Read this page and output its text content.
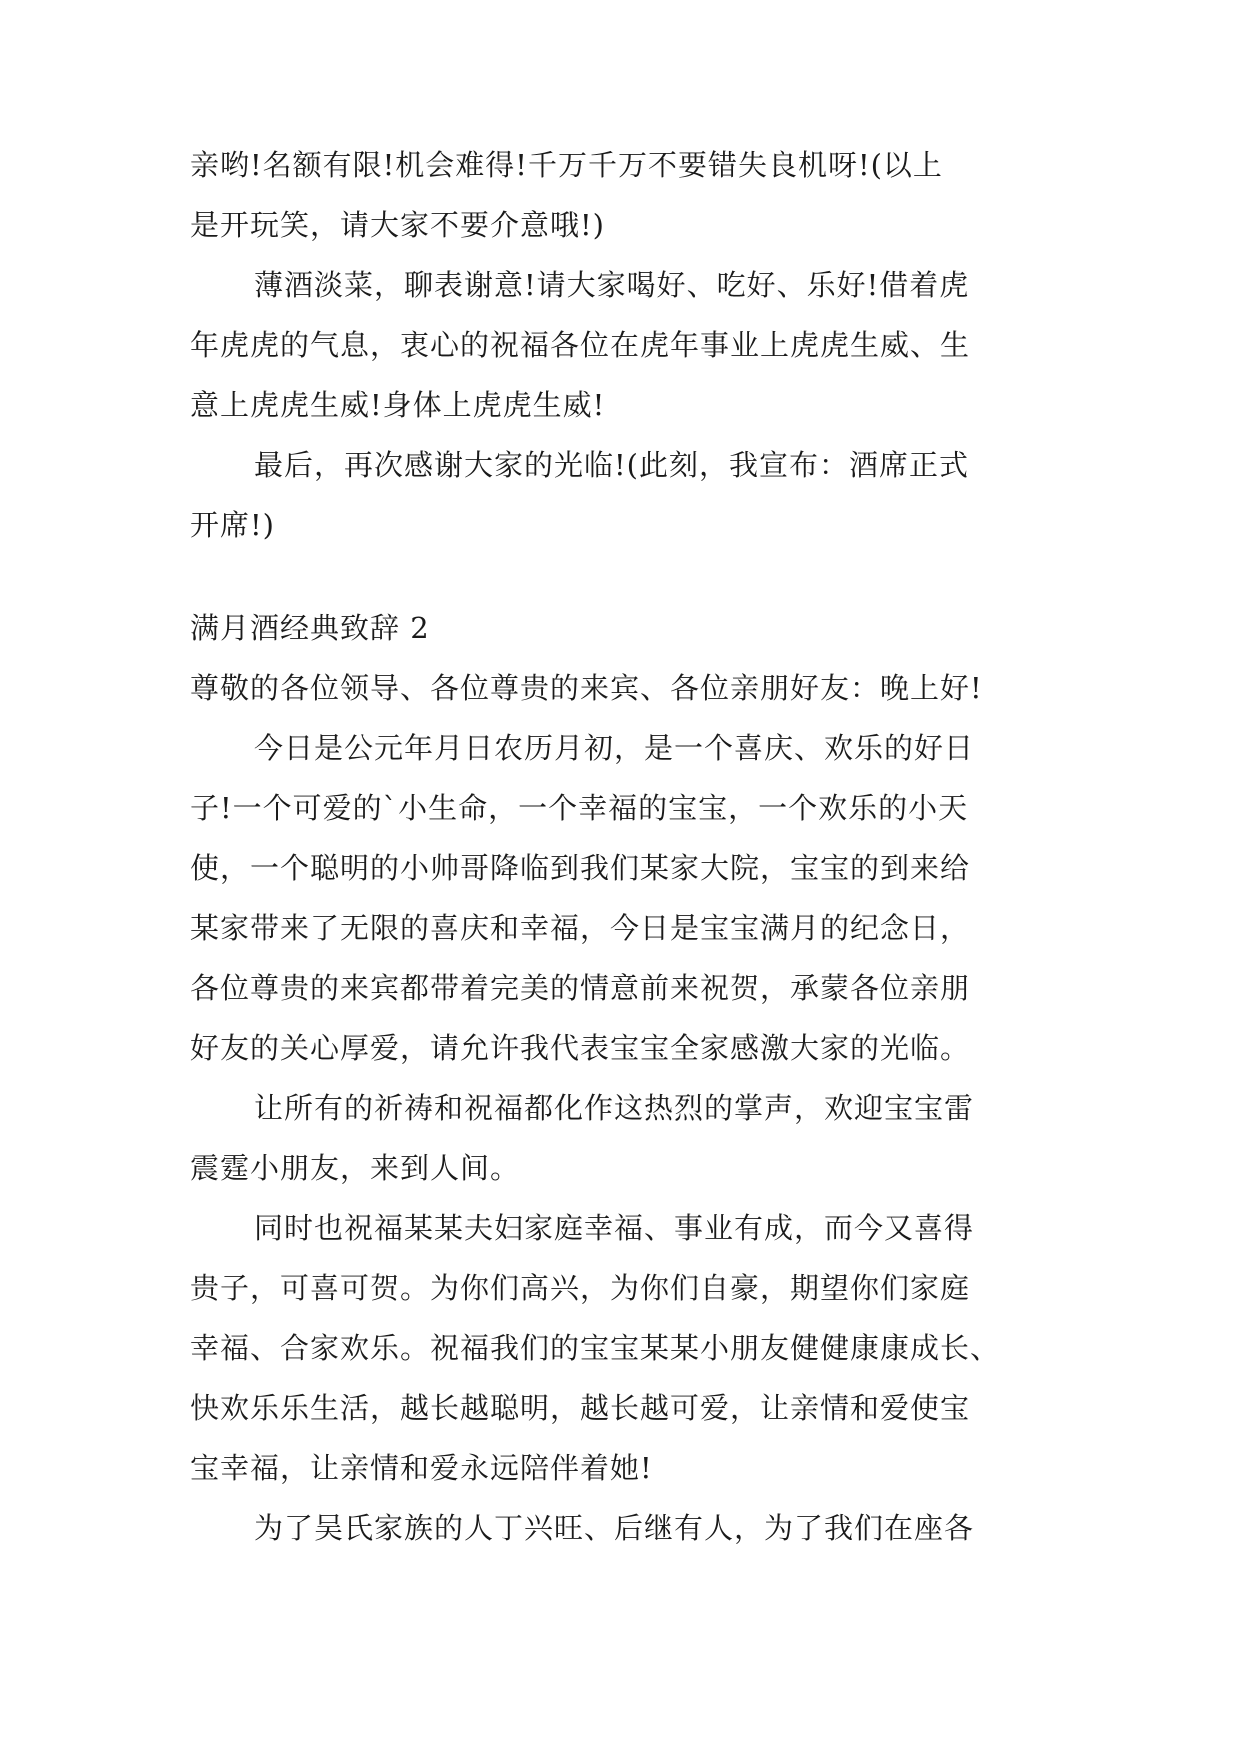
亲哟!名额有限!机会难得!千万千万不要错失良机呀!(以上
是开玩笑，请大家不要介意哦!)
薄酒淡菜，聊表谢意!请大家喝好、吃好、乐好!借着虎
年虎虎的气息，衷心的祝福各位在虎年事业上虎虎生威、生
意上虎虎生威!身体上虎虎生威!
最后，再次感谢大家的光临!(此刻，我宣布：酒席正式
开席!)
满月酒经典致辞 2
尊敬的各位领导、各位尊贵的来宾、各位亲朋好友：晚上好!
今日是公元年月日农历月初，是一个喜庆、欢乐的好日
子!一个可爱的`小生命，一个幸福的宝宝，一个欢乐的小天
使，一个聪明的小帅哥降临到我们某家大院，宝宝的到来给
某家带来了无限的喜庆和幸福，今日是宝宝满月的纪念日，
各位尊贵的来宾都带着完美的情意前来祝贺，承蒙各位亲朋
好友的关心厚爱，请允许我代表宝宝全家感激大家的光临。
让所有的祈祷和祝福都化作这热烈的掌声，欢迎宝宝雷
震霆小朋友，来到人间。
同时也祝福某某夫妇家庭幸福、事业有成，而今又喜得
贵子，可喜可贺。为你们高兴，为你们自豪，期望你们家庭
幸福、合家欢乐。祝福我们的宝宝某某小朋友健健康康成长、
快欢乐乐生活，越长越聪明，越长越可爱，让亲情和爱使宝
宝幸福，让亲情和爱永远陪伴着她!
为了吴氏家族的人丁兴旺、后继有人，为了我们在座各
